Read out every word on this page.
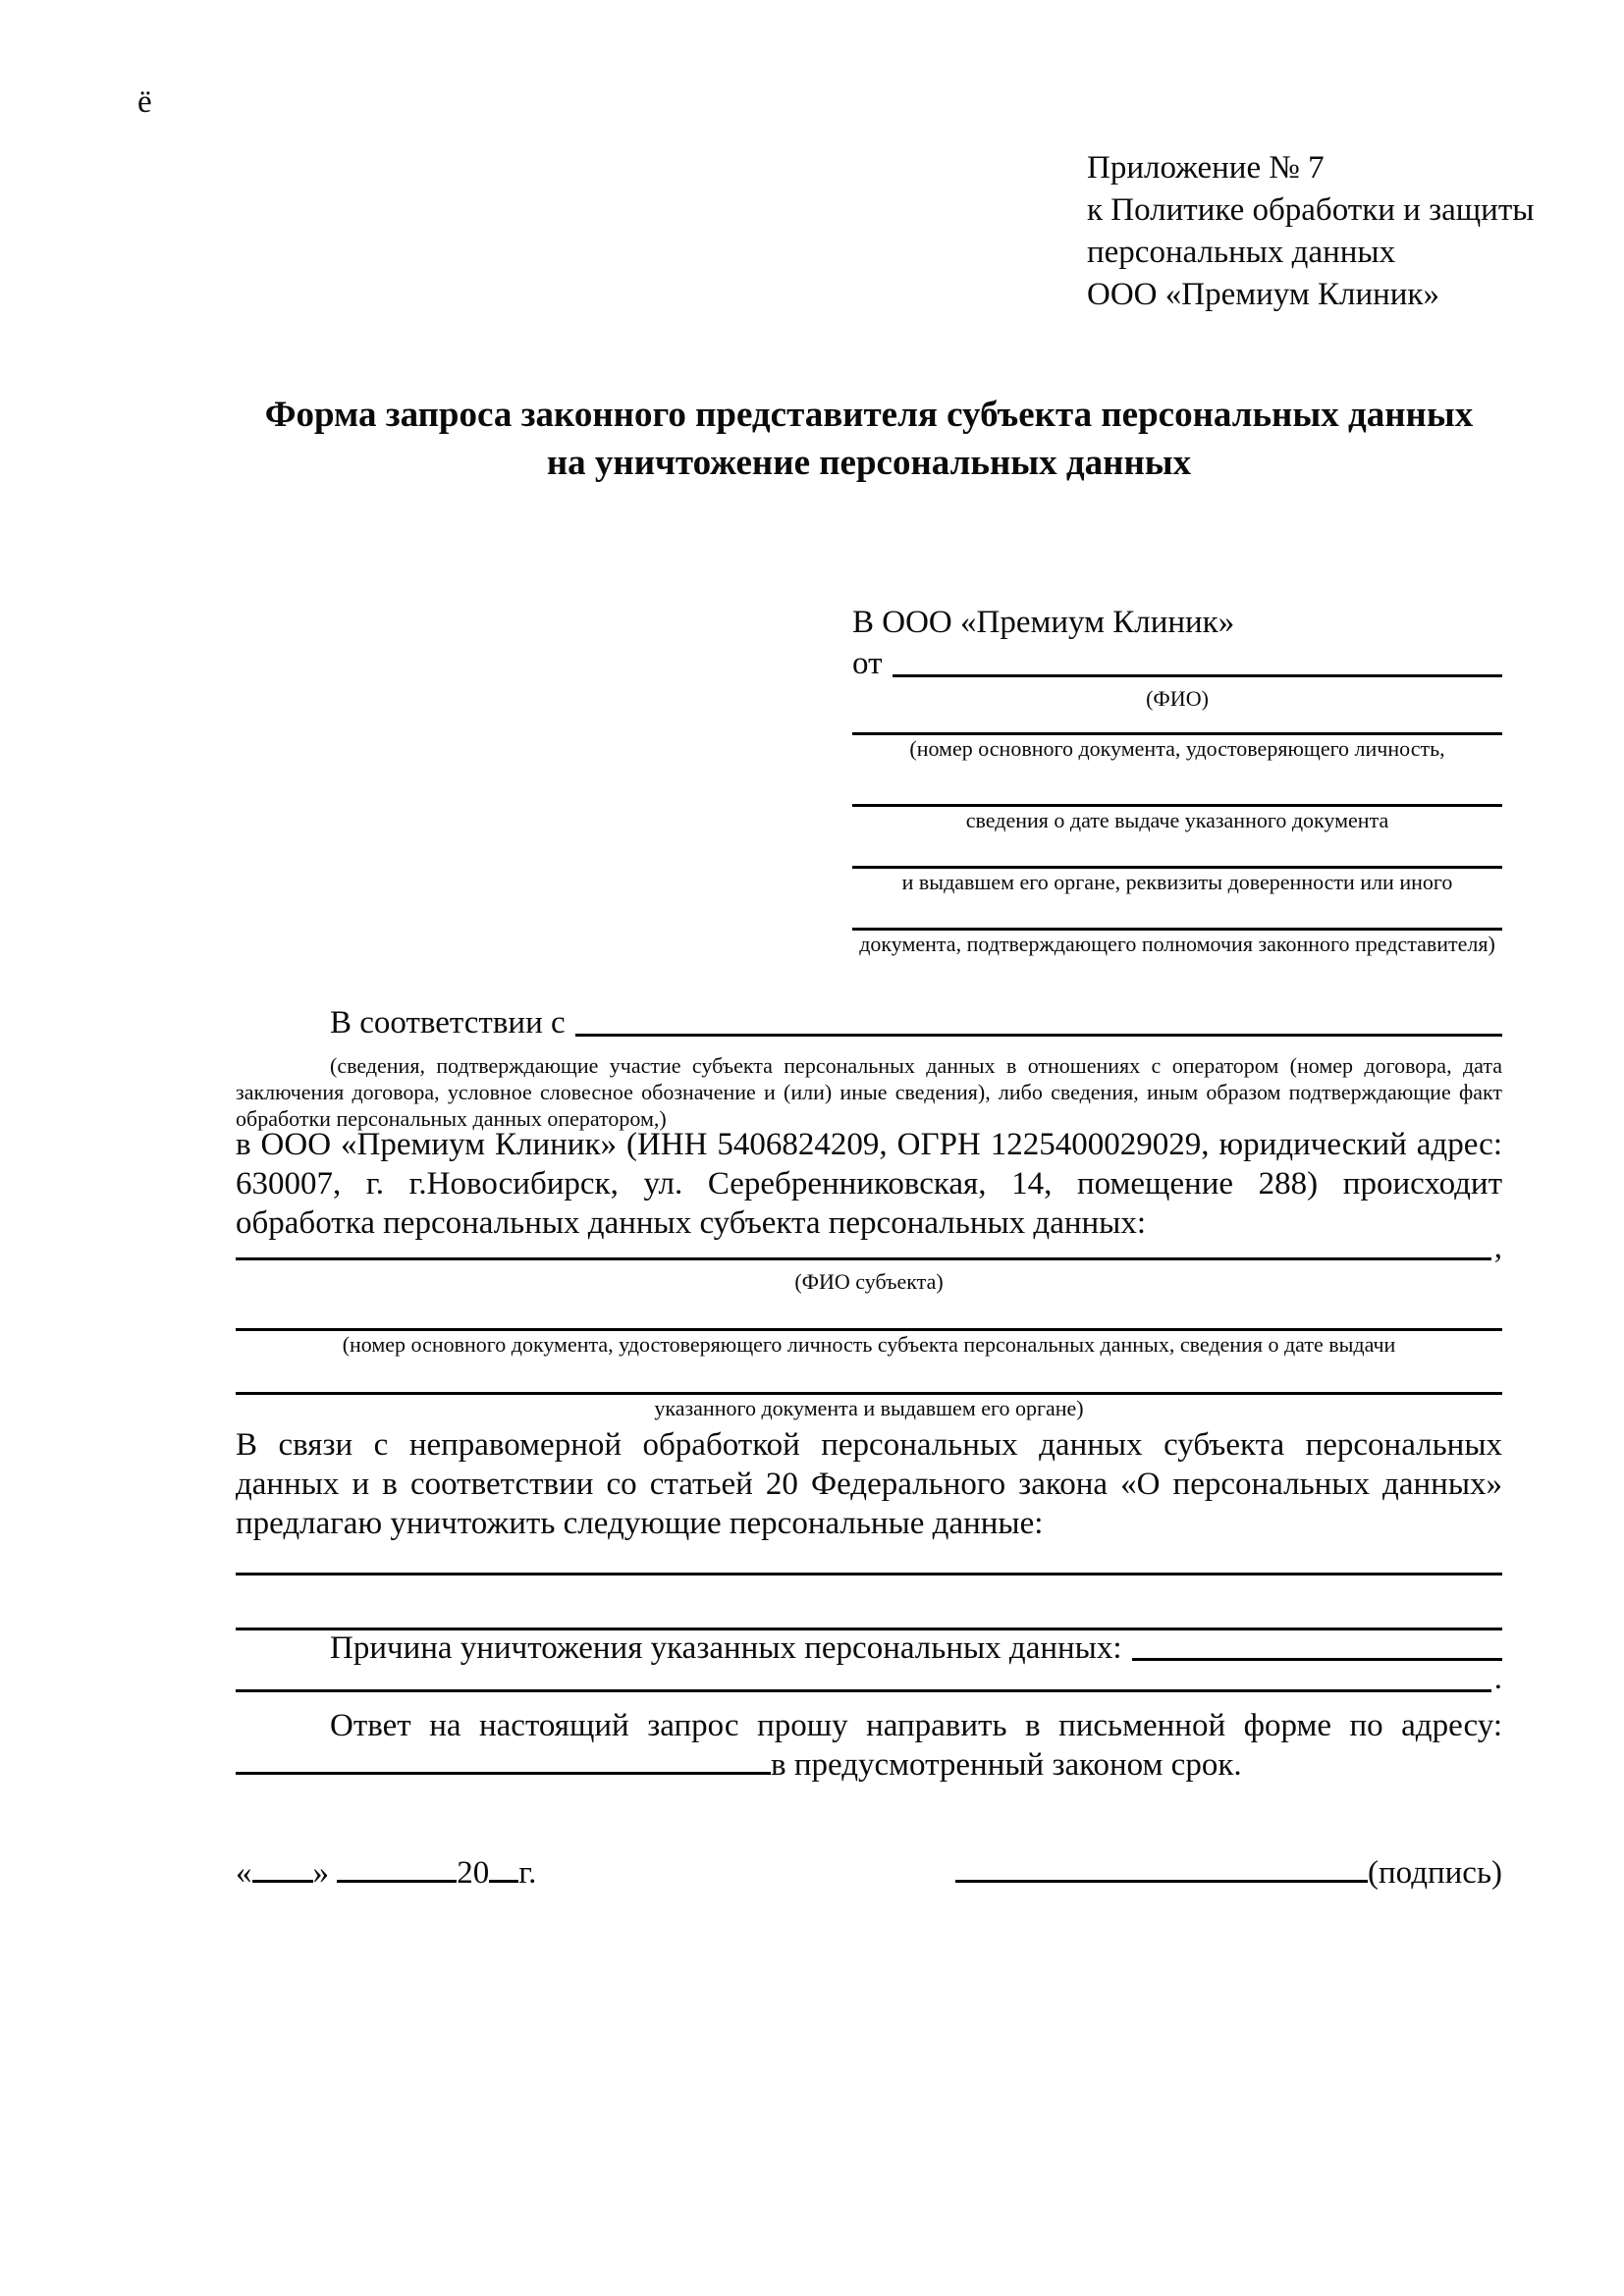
ё
Приложение № 7
к Политике обработки и защиты
персональных данных
ООО «Премиум Клиник»
Форма запроса законного представителя субъекта персональных данных
на уничтожение персональных данных
В ООО «Премиум Клиник»
от
(ФИО)
(номер основного документа, удостоверяющего личность,
сведения о дате выдаче указанного документа
и выдавшем его органе, реквизиты доверенности или иного
документа, подтверждающего полномочия законного представителя)
В соответствии с
(сведения, подтверждающие участие субъекта персональных данных в отношениях с оператором (номер договора, дата заключения договора, условное словесное обозначение и (или) иные сведения), либо сведения, иным образом подтверждающие факт обработки персональных данных оператором,)
в ООО «Премиум Клиник» (ИНН 5406824209, ОГРН 1225400029029, юридический адрес: 630007, г. г.Новосибирск, ул. Серебренниковская, 14, помещение 288) происходит обработка персональных данных субъекта персональных данных:
,
(ФИО субъекта)
(номер основного документа, удостоверяющего личность субъекта персональных данных, сведения о дате выдачи
указанного документа и выдавшем его органе)
В связи с неправомерной обработкой персональных данных субъекта персональных данных и в соответствии со статьей 20 Федерального закона «О персональных данных» предлагаю уничтожить следующие персональные данные:
Причина уничтожения указанных персональных данных:
.
Ответ на настоящий запрос прошу направить в письменной форме по адресу: в предусмотренный законом срок.
« »	20 г.	(подпись)
